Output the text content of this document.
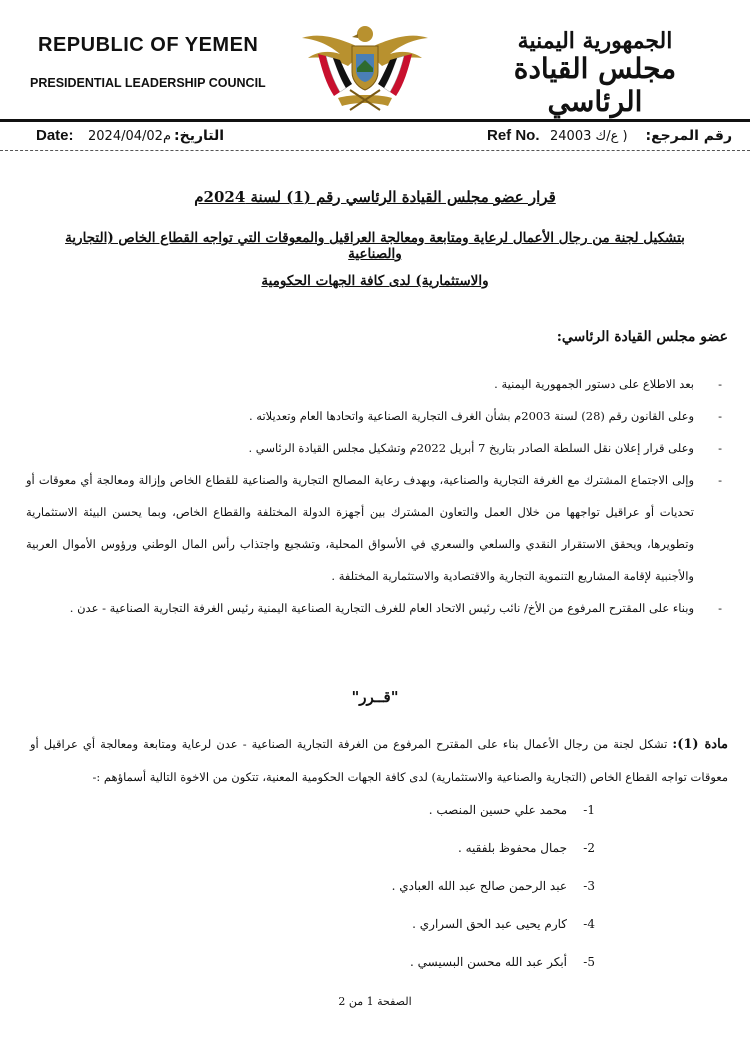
REPUBLIC OF YEMEN
PRESIDENTIAL LEADERSHIP COUNCIL
الجمهورية اليمنية
مجلس القيادة الرئاسي
Date: 2024/04/02م التاريخ:	Ref No. ( ع/ك 24003 رقم المرجع:
قرار عضو مجلس القيادة الرئاسي رقم (1) لسنة 2024م
بتشكيل لجنة من رجال الأعمال لرعاية ومتابعة ومعالجة العراقيل والمعوقات التي تواجه القطاع الخاص (التجارية والصناعية
والاستثمارية) لدى كافة الجهات الحكومية
عضو مجلس القيادة الرئاسي:
-
بعد الاطلاع على دستور الجمهورية اليمنية .
-
وعلى القانون رقم (28) لسنة 2003م بشأن الغرف التجارية الصناعية واتحادها العام وتعديلاته .
-
وعلى قرار إعلان نقل السلطة الصادر بتاريخ 7 أبريل 2022م وتشكيل مجلس القيادة الرئاسي .
-
وإلى الاجتماع المشترك مع الغرفة التجارية والصناعية، وبهدف رعاية المصالح التجارية والصناعية للقطاع الخاص وإزالة ومعالجة أي معوقات أو تحديات أو عراقيل تواجهها من خلال العمل والتعاون المشترك بين أجهزة الدولة المختلفة والقطاع الخاص، وبما يحسن البيئة الاستثمارية وتطويرها، ويحقق الاستقرار النقدي والسلعي والسعري في الأسواق المحلية، وتشجيع واجتذاب رأس المال الوطني ورؤوس الأموال العربية والأجنبية لإقامة المشاريع التنموية التجارية والاقتصادية والاستثمارية المختلفة .
-
وبناء على المقترح المرفوع من الأخ/ نائب رئيس الاتحاد العام للغرف التجارية الصناعية اليمنية رئيس الغرفة التجارية الصناعية - عدن .
"قــرر"
مادة (1): تشكل لجنة من رجال الأعمال بناء على المقترح المرفوع من الغرفة التجارية الصناعية - عدن لرعاية ومتابعة ومعالجة أي عراقيل أو معوقات تواجه القطاع الخاص (التجارية والصناعية والاستثمارية) لدى كافة الجهات الحكومية المعنية، تتكون من الاخوة التالية أسماؤهم :-
1-
محمد علي حسين المنصب .
2-
جمال محفوظ بلفقيه .
3-
عبد الرحمن صالح عبد الله العبادي .
4-
كارم يحيى عبد الحق السراري .
5-
أبكر عبد الله محسن البسيسي .
الصفحة 1 من 2
